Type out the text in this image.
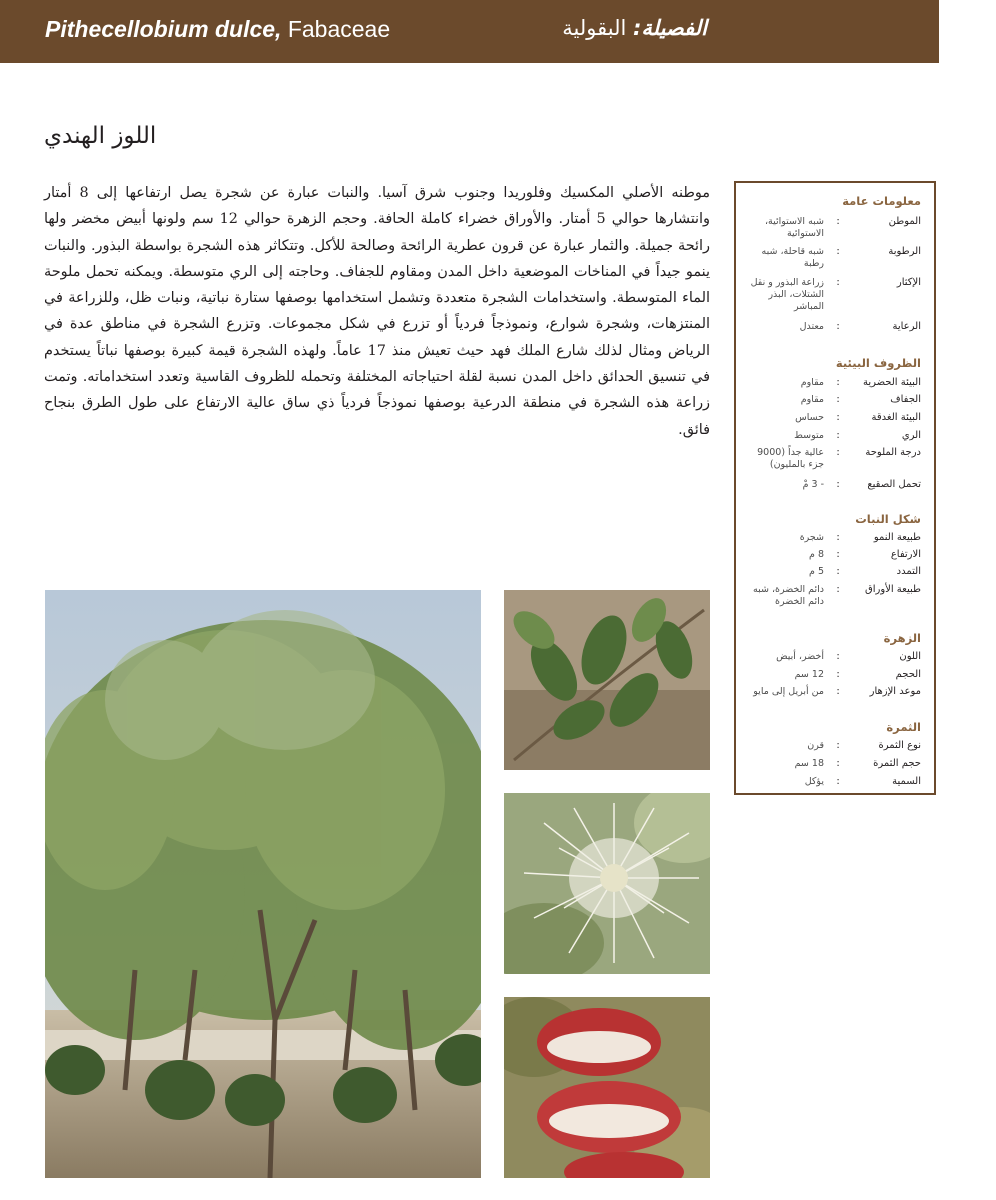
Pithecellobium dulce, Fabaceae	الفصيلة: البقولية
اللوز الهندي
موطنه الأصلي المكسيك وفلوريدا وجنوب شرق آسيا. والنبات عبارة عن شجرة يصل ارتفاعها إلى 8 أمتار وانتشارها حوالي 5 أمتار. والأوراق خضراء كاملة الحافة. وحجم الزهرة حوالي 12 سم ولونها أبيض مخضر ولها رائحة جميلة. والثمار عبارة عن قرون عطرية الرائحة وصالحة للأكل. وتتكاثر هذه الشجرة بواسطة البذور. والنبات ينمو جيداً في المناخات الموضعية داخل المدن ومقاوم للجفاف. وحاجته إلى الري متوسطة. ويمكنه تحمل ملوحة الماء المتوسطة. واستخدامات الشجرة متعددة وتشمل استخدامها بوصفها ستارة نباتية، ونبات ظل، وللزراعة في المنتزهات، وشجرة شوارع، ونموذجاً فردياً أو تزرع في شكل مجموعات. وتزرع الشجرة في مناطق عدة في الرياض ومثال لذلك شارع الملك فهد حيث تعيش منذ 17 عاماً. ولهذه الشجرة قيمة كبيرة بوصفها نباتاً يستخدم في تنسيق الحدائق داخل المدن نسبة لقلة احتياجاته المختلفة وتحمله للظروف القاسية وتعدد استخداماته. وتمت زراعة هذه الشجرة في منطقة الدرعية بوصفها نموذجاً فردياً ذي ساق عالية الارتفاع على طول الطرق بنجاح فائق.
معلومات عامة
الموطن
:
شبه الاستوائية، الاستوائية
الرطوبة
:
شبه قاحلة، شبه رطبة
الإكثار
:
زراعة البذور و نقل الشتلات، البذر المباشر
الرعاية
:
معتدل
الظروف البيئية
البيئة الحضرية
:
مقاوم
الجفاف
:
مقاوم
البيئة الغدقة
:
حساس
الري
:
متوسط
درجة الملوحة
:
عالية جداً (9000 جزء بالمليون)
تحمل الصقيع
:
- 3 مْ
شكل النبات
طبيعة النمو
:
شجرة
الارتفاع
:
8 م
التمدد
:
5 م
طبيعة الأوراق
:
دائم الخضرة، شبه دائم الخضرة
الزهرة
اللون
:
أخضر، أبيض
الحجم
:
12 سم
موعد الإزهار
:
من أبريل إلى مايو
الثمرة
نوع الثمرة
:
قرن
حجم الثمرة
:
18 سم
السمية
:
يؤكل
